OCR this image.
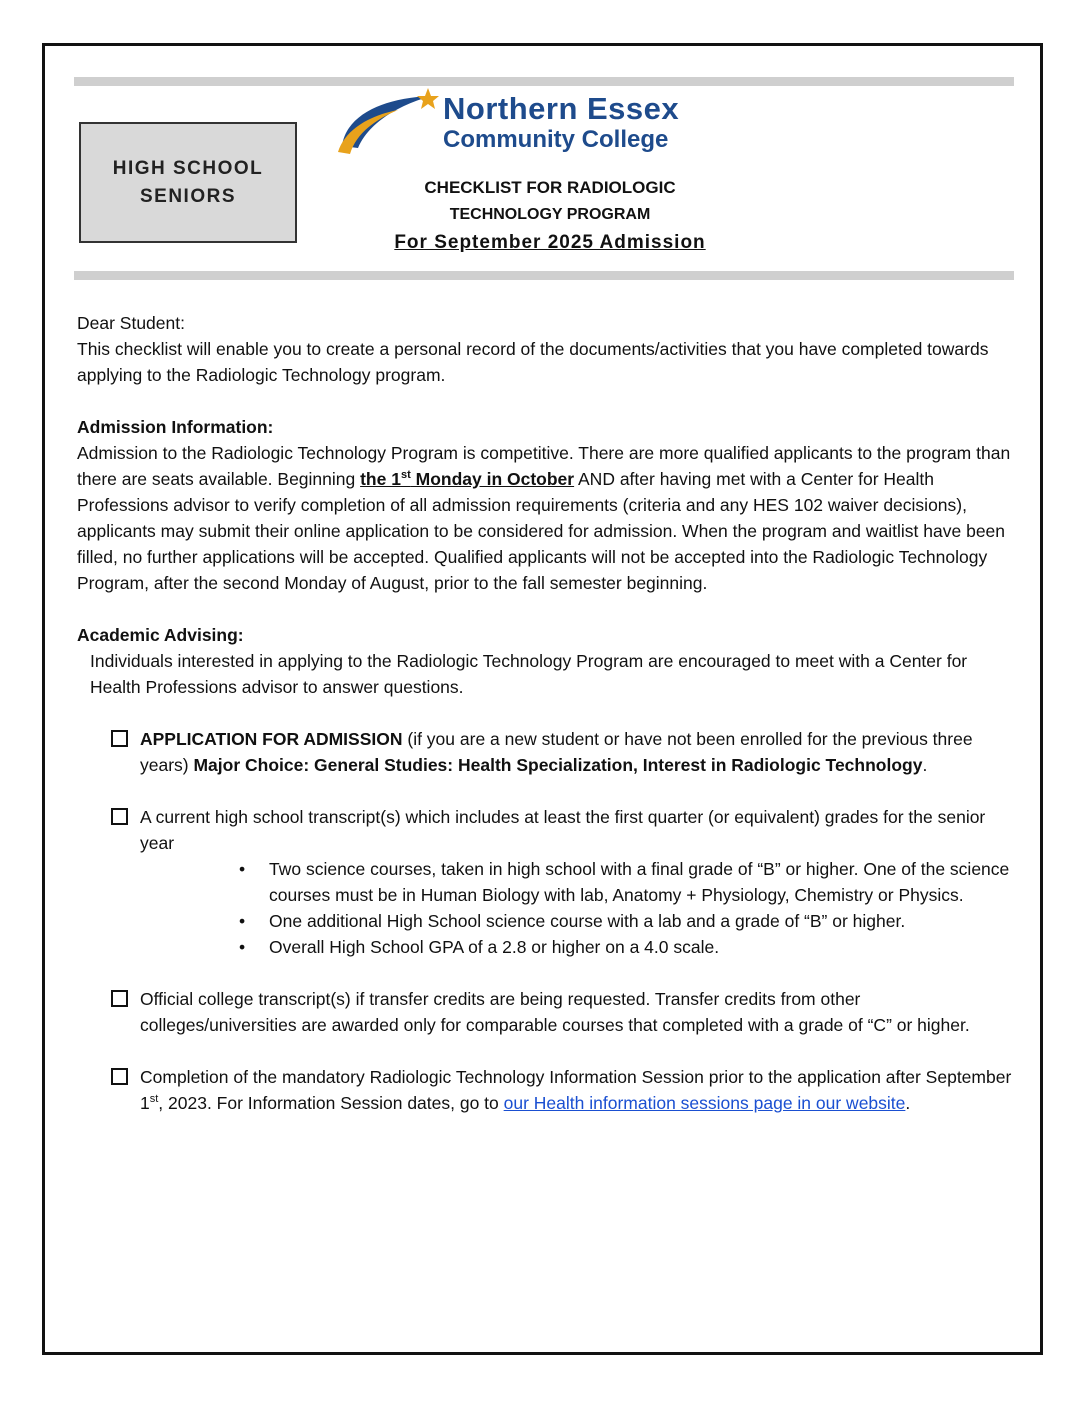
HIGH SCHOOL
SENIORS
Northern Essex
Community College
CHECKLIST FOR RADIOLOGIC
TECHNOLOGY PROGRAM
For September 2025 Admission

Dear Student:

This checklist will enable you to create a personal record of the documents/activities that you have completed towards applying to the Radiologic Technology program.

Admission Information:

Admission to the Radiologic Technology Program is competitive. There are more qualified applicants to the program than there are seats available. Beginning the 1st Monday in October AND after having met with a Center for Health Professions advisor to verify completion of all admission requirements (criteria and any HES 102 waiver decisions), applicants may submit their online application to be considered for admission. When the program and waitlist have been filled, no further applications will be accepted. Qualified applicants will not be accepted into the Radiologic Technology Program, after the second Monday of August, prior to the fall semester beginning.

Academic Advising:

Individuals interested in applying to the Radiologic Technology Program are encouraged to meet with a Center for Health Professions advisor to answer questions.

APPLICATION FOR ADMISSION (if you are a new student or have not been enrolled for the previous three years) Major Choice: General Studies: Health Specialization, Interest in Radiologic Technology.
A current high school transcript(s) which includes at least the first quarter (or equivalent) grades for the senior year
• Two science courses, taken in high school with a final grade of “B” or higher. One of the science courses must be in Human Biology with lab, Anatomy + Physiology, Chemistry or Physics.
• One additional High School science course with a lab and a grade of “B” or higher.
• Overall High School GPA of a 2.8 or higher on a 4.0 scale.
Official college transcript(s) if transfer credits are being requested. Transfer credits from other colleges/universities are awarded only for comparable courses that completed with a grade of “C” or higher.
Completion of the mandatory Radiologic Technology Information Session prior to the application after September 1st, 2023. For Information Session dates, go to our Health information sessions page in our website.
